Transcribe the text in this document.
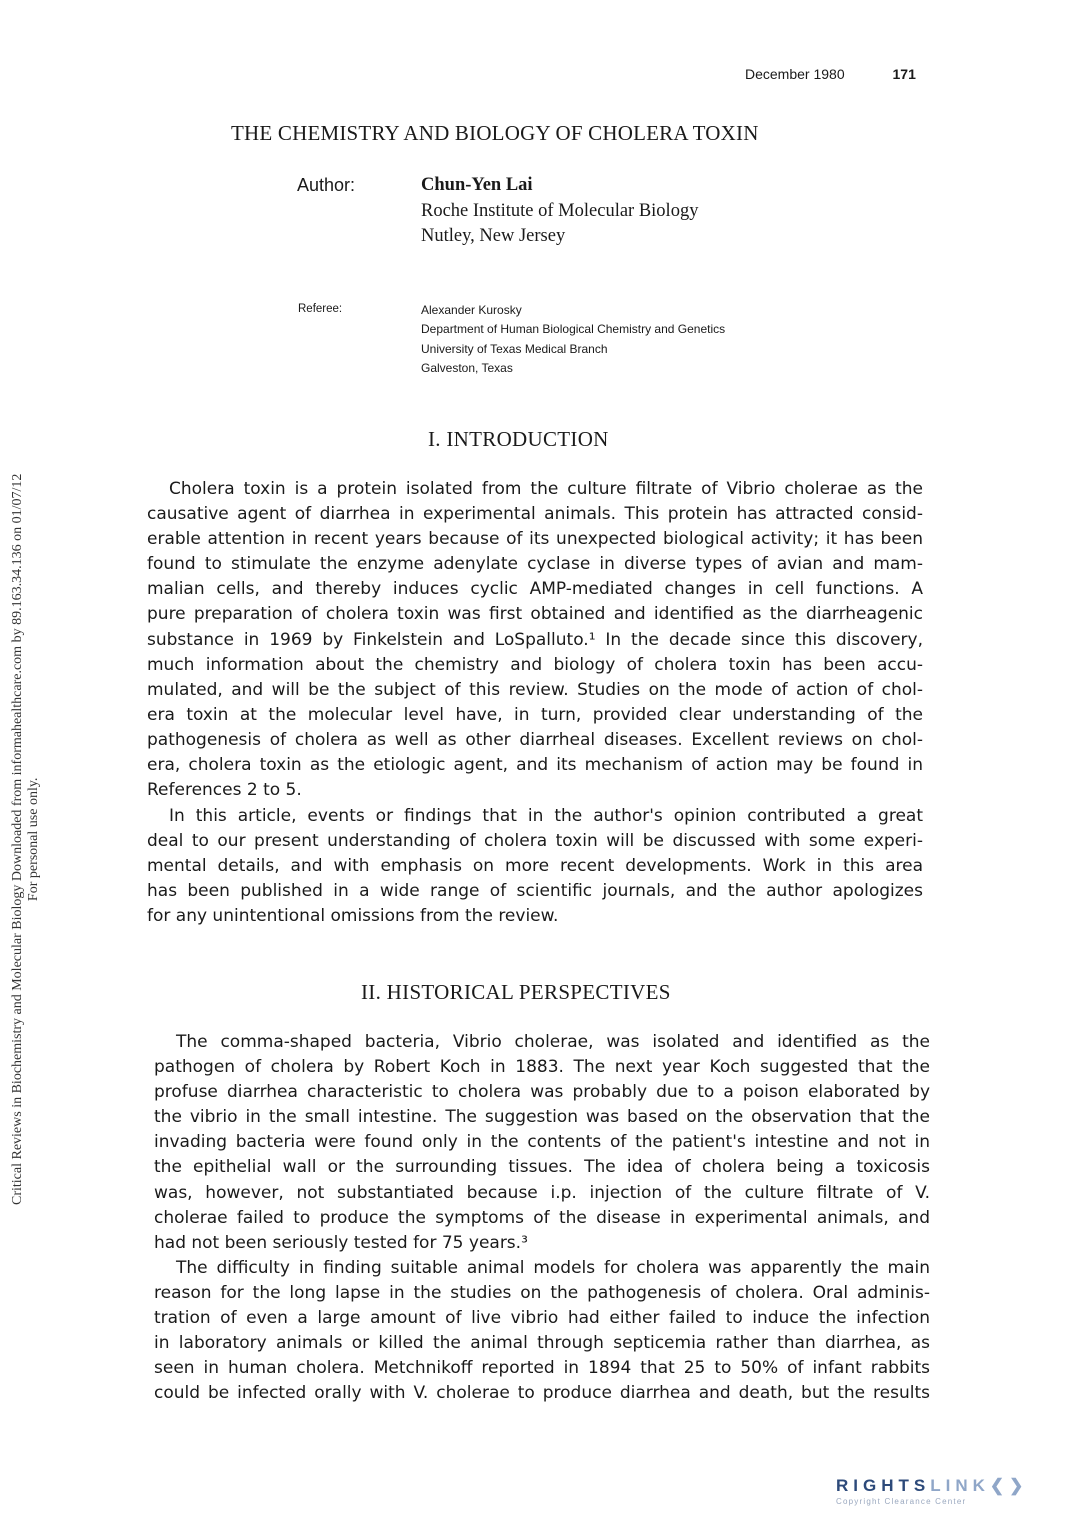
December 1980	171
THE CHEMISTRY AND BIOLOGY OF CHOLERA TOXIN
Author:	Chun-Yen Lai
Roche Institute of Molecular Biology
Nutley, New Jersey
Referee:	Alexander Kurosky
Department of Human Biological Chemistry and Genetics
University of Texas Medical Branch
Galveston, Texas
Critical Reviews in Biochemistry and Molecular Biology Downloaded from informahealthcare.com by 89.163.34.136 on 01/07/12 For personal use only.
I. INTRODUCTION
Cholera toxin is a protein isolated from the culture filtrate of Vibrio cholerae as the
causative agent of diarrhea in experimental animals. This protein has attracted consid-
erable attention in recent years because of its unexpected biological activity; it has been
found to stimulate the enzyme adenylate cyclase in diverse types of avian and mam-
malian cells, and thereby induces cyclic AMP-mediated changes in cell functions. A
pure preparation of cholera toxin was first obtained and identified as the diarrheagenic
substance in 1969 by Finkelstein and LoSpalluto.¹ In the decade since this discovery,
much information about the chemistry and biology of cholera toxin has been accu-
mulated, and will be the subject of this review. Studies on the mode of action of chol-
era toxin at the molecular level have, in turn, provided clear understanding of the
pathogenesis of cholera as well as other diarrheal diseases. Excellent reviews on chol-
era, cholera toxin as the etiologic agent, and its mechanism of action may be found in
References 2 to 5.
In this article, events or findings that in the author's opinion contributed a great
deal to our present understanding of cholera toxin will be discussed with some experi-
mental details, and with emphasis on more recent developments. Work in this area
has been published in a wide range of scientific journals, and the author apologizes
for any unintentional omissions from the review.
II. HISTORICAL PERSPECTIVES
The comma-shaped bacteria, Vibrio cholerae, was isolated and identified as the
pathogen of cholera by Robert Koch in 1883. The next year Koch suggested that the
profuse diarrhea characteristic to cholera was probably due to a poison elaborated by
the vibrio in the small intestine. The suggestion was based on the observation that the
invading bacteria were found only in the contents of the patient's intestine and not in
the epithelial wall or the surrounding tissues. The idea of cholera being a toxicosis
was, however, not substantiated because i.p. injection of the culture filtrate of V.
cholerae failed to produce the symptoms of the disease in experimental animals, and
had not been seriously tested for 75 years.³
The difficulty in finding suitable animal models for cholera was apparently the main
reason for the long lapse in the studies on the pathogenesis of cholera. Oral adminis-
tration of even a large amount of live vibrio had either failed to induce the infection
in laboratory animals or killed the animal through septicemia rather than diarrhea, as
seen in human cholera. Metchnikoff reported in 1894 that 25 to 50% of infant rabbits
could be infected orally with V. cholerae to produce diarrhea and death, but the results
RIGHTSLINK❮❯
Copyright Clearance Center
